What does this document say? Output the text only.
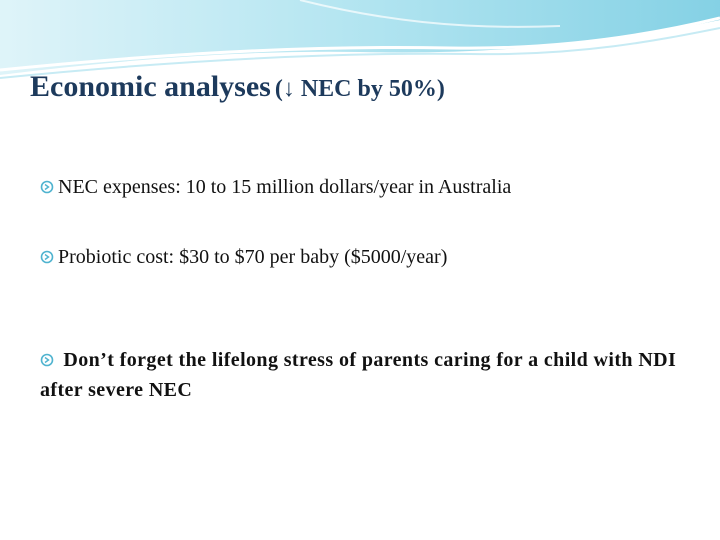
Economic analyses (↓ NEC by 50%)
NEC expenses: 10 to 15 million dollars/year in Australia
Probiotic cost: $30 to $70 per baby ($5000/year)
Don’t forget the lifelong stress of parents caring for a child with NDI after severe NEC
